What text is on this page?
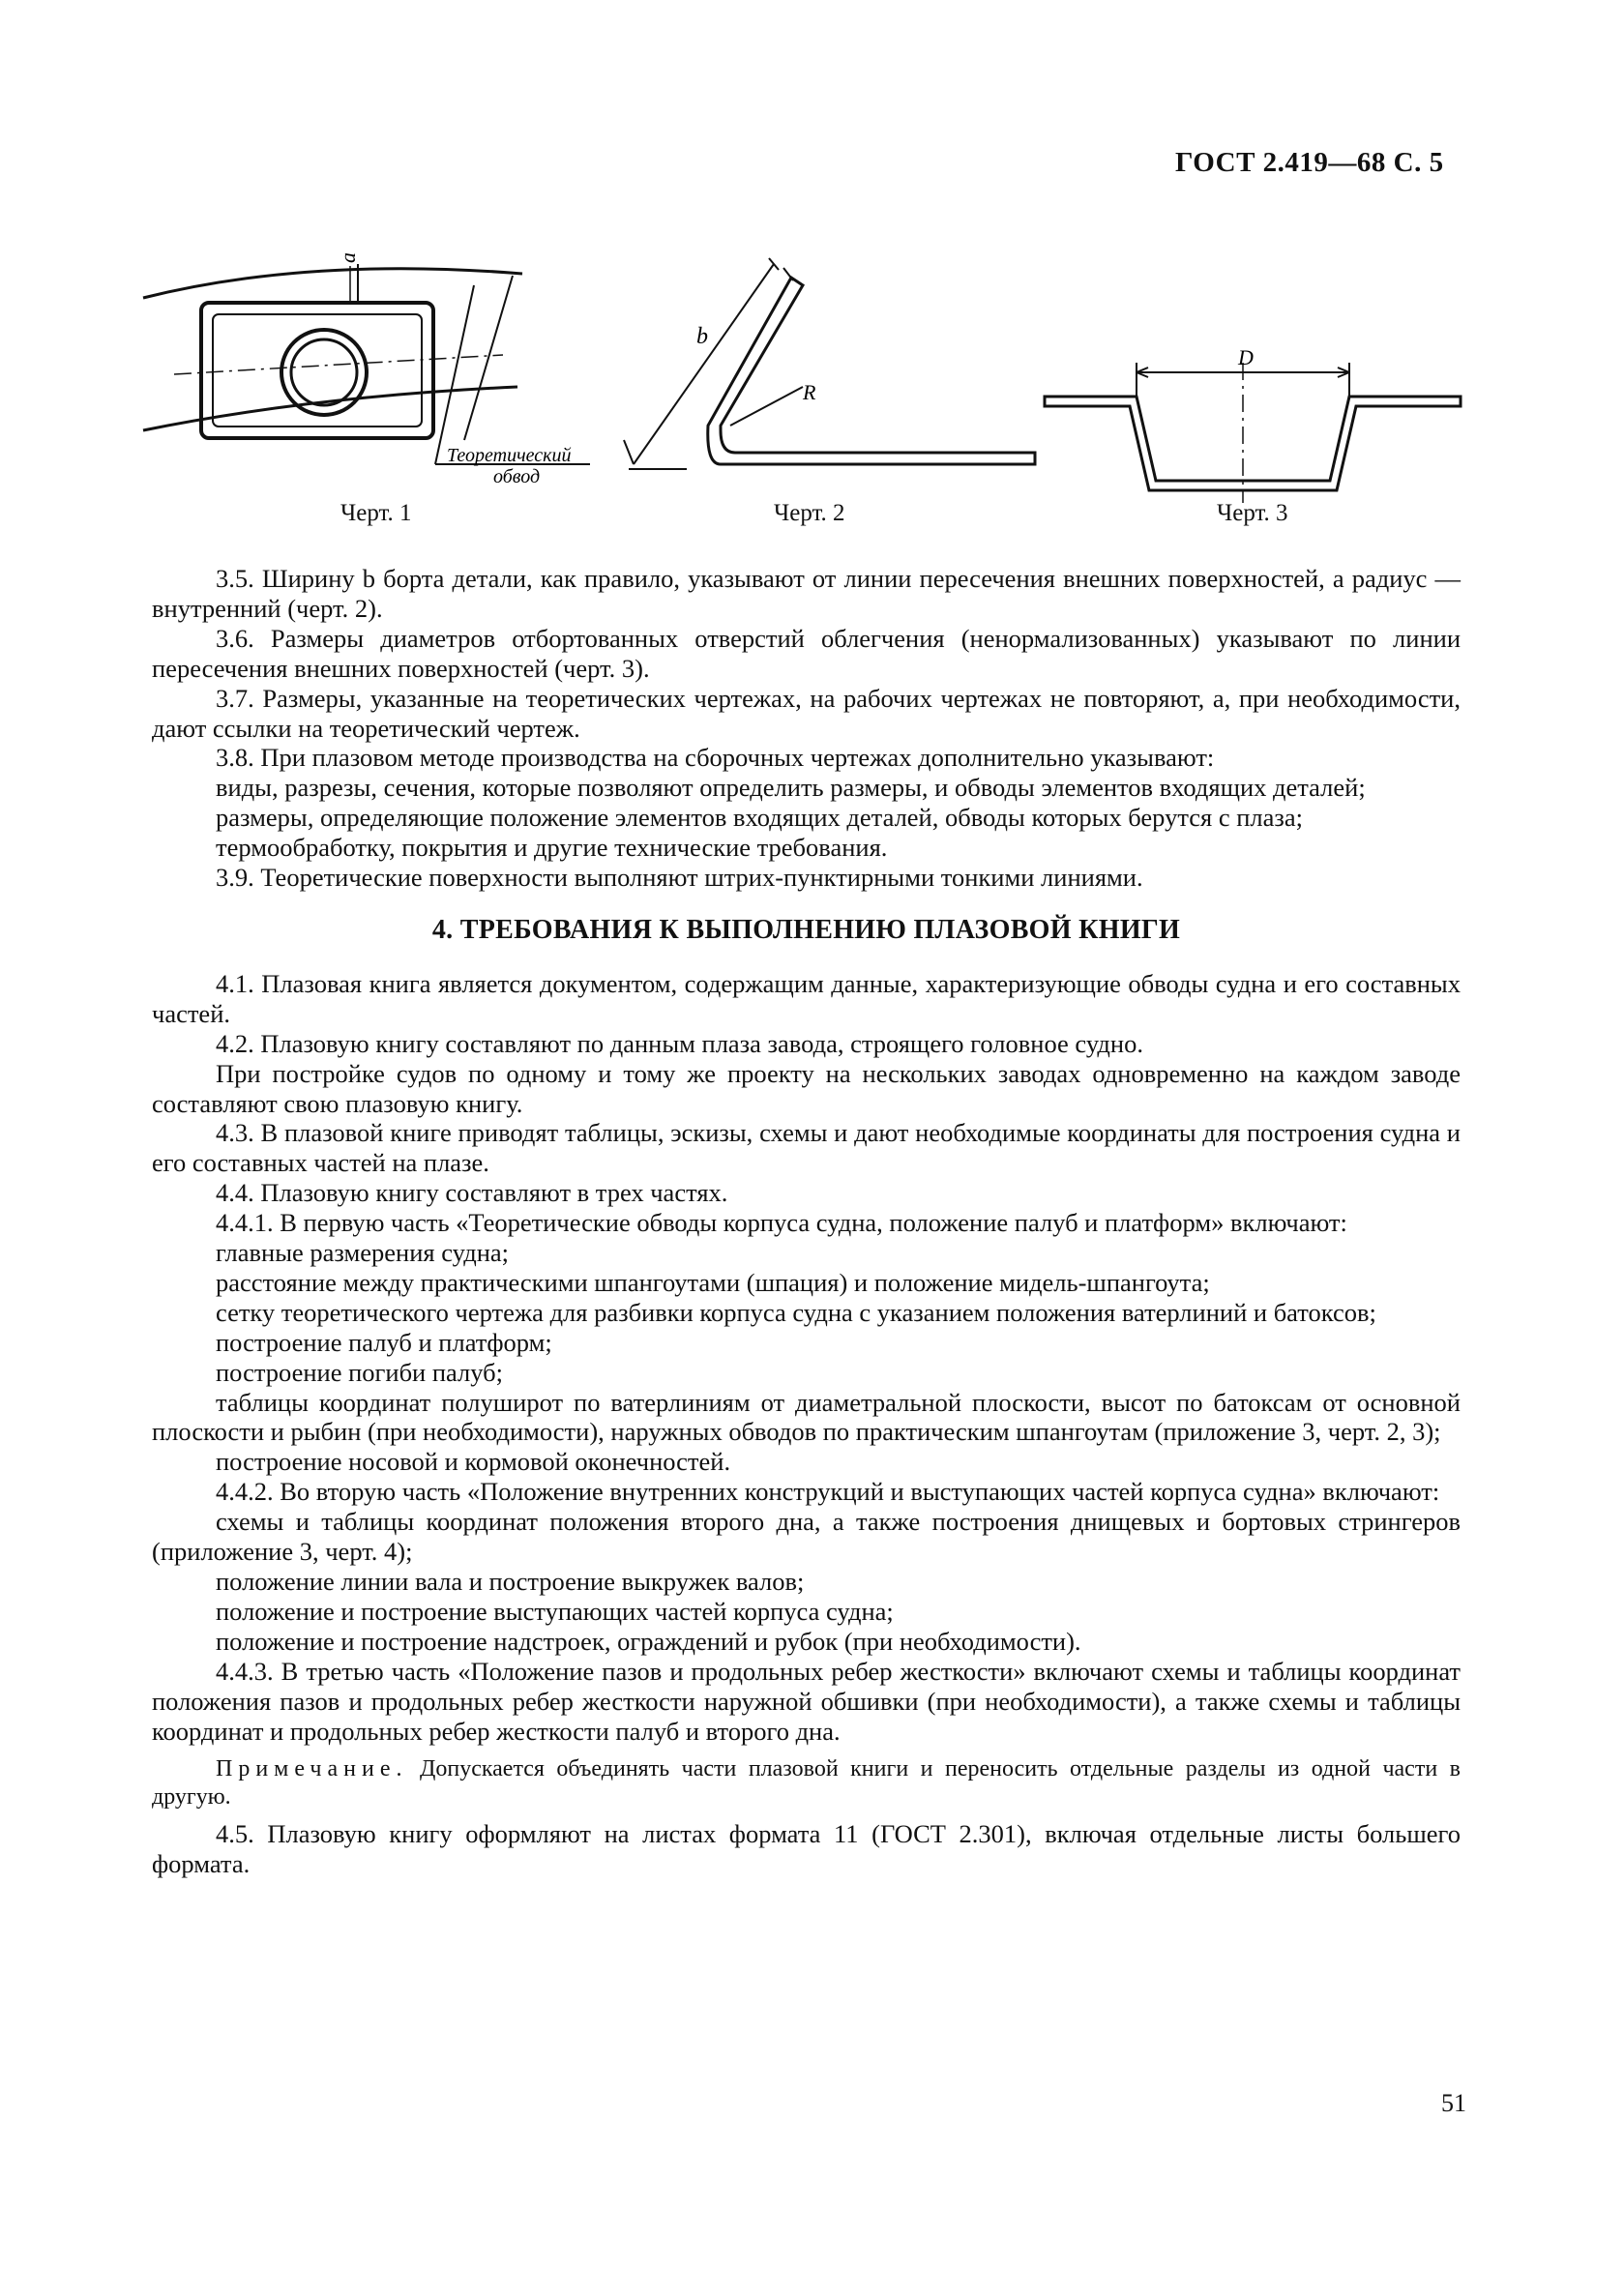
ГОСТ 2.419—68 С. 5
a
Теоретический
обвод
b
R
D
Черт. 1	Черт. 2	Черт. 3

3.5. Ширину b борта детали, как правило, указывают от линии пересечения внешних поверхностей, а радиус — внутренний (черт. 2).

3.6. Размеры диаметров отбортованных отверстий облегчения (ненормализованных) указывают по линии пересечения внешних поверхностей (черт. 3).

3.7. Размеры, указанные на теоретических чертежах, на рабочих чертежах не повторяют, а, при необходимости, дают ссылки на теоретический чертеж.

3.8. При плазовом методе производства на сборочных чертежах дополнительно указывают:

виды, разрезы, сечения, которые позволяют определить размеры, и обводы элементов входящих деталей;

размеры, определяющие положение элементов входящих деталей, обводы которых берутся с плаза;

термообработку, покрытия и другие технические требования.

3.9. Теоретические поверхности выполняют штрих-пунктирными тонкими линиями.

4. ТРЕБОВАНИЯ К ВЫПОЛНЕНИЮ ПЛАЗОВОЙ КНИГИ

4.1. Плазовая книга является документом, содержащим данные, характеризующие обводы судна и его составных частей.

4.2. Плазовую книгу составляют по данным плаза завода, строящего головное судно.

При постройке судов по одному и тому же проекту на нескольких заводах одновременно на каждом заводе составляют свою плазовую книгу.

4.3. В плазовой книге приводят таблицы, эскизы, схемы и дают необходимые координаты для построения судна и его составных частей на плазе.

4.4. Плазовую книгу составляют в трех частях.

4.4.1. В первую часть «Теоретические обводы корпуса судна, положение палуб и платформ» включают:

главные размерения судна;

расстояние между практическими шпангоутами (шпация) и положение мидель-шпангоута;

сетку теоретического чертежа для разбивки корпуса судна с указанием положения ватерлиний и батоксов;

построение палуб и платформ;

построение погиби палуб;

таблицы координат полуширот по ватерлиниям от диаметральной плоскости, высот по батоксам от основной плоскости и рыбин (при необходимости), наружных обводов по практическим шпангоутам (приложение 3, черт. 2, 3);

построение носовой и кормовой оконечностей.

4.4.2. Во вторую часть «Положение внутренних конструкций и выступающих частей корпуса судна» включают:

схемы и таблицы координат положения второго дна, а также построения днищевых и бортовых стрингеров (приложение 3, черт. 4);

положение линии вала и построение выкружек валов;

положение и построение выступающих частей корпуса судна;

положение и построение надстроек, ограждений и рубок (при необходимости).

4.4.3. В третью часть «Положение пазов и продольных ребер жесткости» включают схемы и таблицы координат положения пазов и продольных ребер жесткости наружной обшивки (при необходимости), а также схемы и таблицы координат и продольных ребер жесткости палуб и второго дна.

Примечание. Допускается объединять части плазовой книги и переносить отдельные разделы из одной части в другую.

4.5. Плазовую книгу оформляют на листах формата 11 (ГОСТ 2.301), включая отдельные листы большего формата.

51
